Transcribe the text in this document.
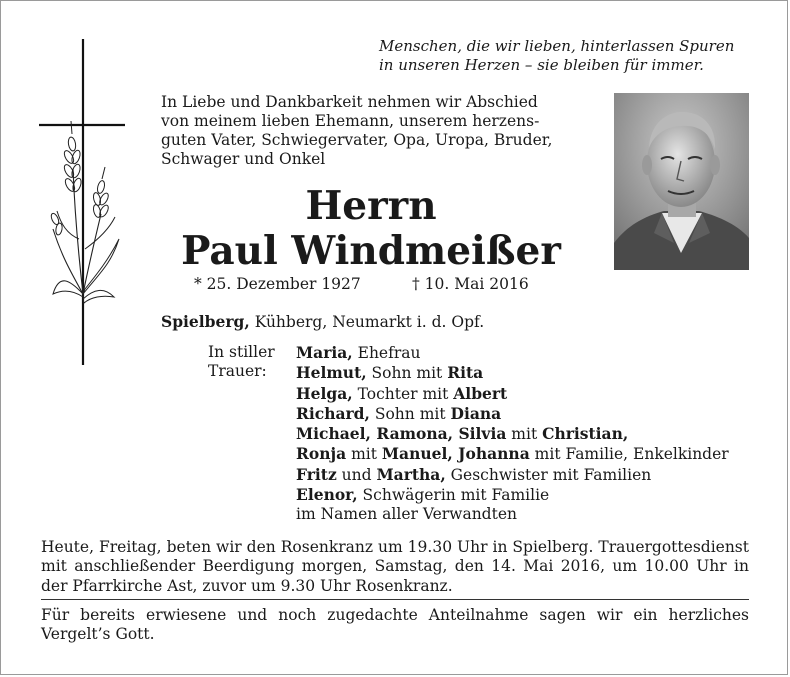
Menschen, die wir lieben, hinterlassen Spuren
in unseren Herzen – sie bleiben für immer.
In Liebe und Dankbarkeit nehmen wir Abschied
von meinem lieben Ehemann, unserem herzens-
guten Vater, Schwiegervater, Opa, Uropa, Bruder,
Schwager und Onkel
Herrn
Paul Windmeißer
* 25. Dezember 1927	† 10. Mai 2016
Spielberg, Kühberg, Neumarkt i. d. Opf.
In stiller
Trauer:
Maria, Ehefrau
Helmut, Sohn mit Rita
Helga, Tochter mit Albert
Richard, Sohn mit Diana
Michael, Ramona, Silvia mit Christian,
Ronja mit Manuel, Johanna mit Familie, Enkelkinder
Fritz und Martha, Geschwister mit Familien
Elenor, Schwägerin mit Familie
im Namen aller Verwandten
Heute, Freitag, beten wir den Rosenkranz um 19.30 Uhr in Spielberg. Trauergottesdienst mit anschließender Beerdigung morgen, Samstag, den 14. Mai 2016, um 10.00 Uhr in der Pfarrkirche Ast, zuvor um 9.30 Uhr Rosenkranz.
Für bereits erwiesene und noch zugedachte Anteilnahme sagen wir ein herzliches Vergelt’s Gott.
